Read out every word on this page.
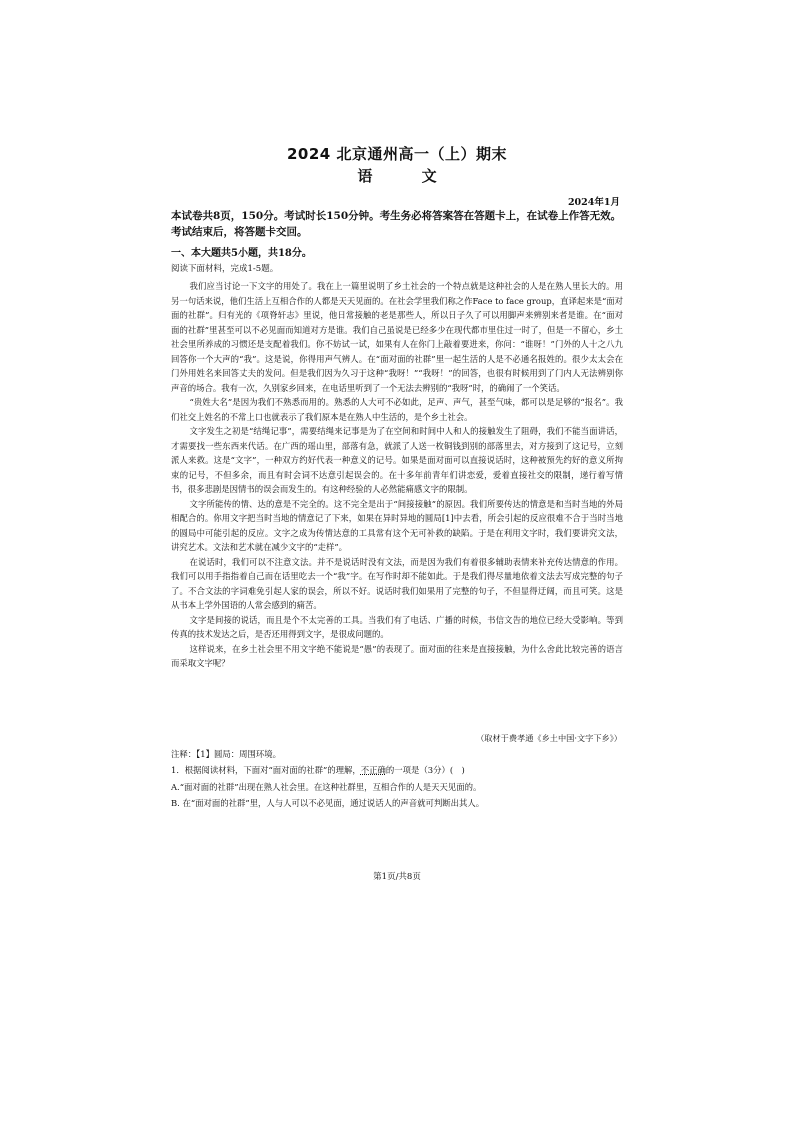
2024 北京通州高一（上）期末
语 文
2024年1月
本试卷共8页，150分。考试时长150分钟。考生务必将答案答在答题卡上，在试卷上作答无效。考试结束后，将答题卡交回。
一、本大题共5小题，共18分。
阅读下面材料，完成1-5题。

我们应当讨论一下文字的用处了。我在上一篇里说明了乡土社会的一个特点就是这种社会的人是在熟人里长大的。用另一句话来说，他们生活上互相合作的人都是天天见面的。在社会学里我们称之作Face to face group，直译起来是“面对面的社群”。归有光的《项脊轩志》里说，他日常接触的老是那些人，所以日子久了可以用脚声来辨别来者是谁。在“面对面的社群”里甚至可以不必见面而知道对方是谁。我们自己虽说是已经多少在现代都市里住过一时了，但是一不留心，乡土社会里所养成的习惯还是支配着我们。你不妨试一试，如果有人在你门上敲着要进来，你问：“谁呀！”门外的人十之八九回答你一个大声的“我”。这是说，你得用声气辨人。在“面对面的社群”里一起生活的人是不必通名报姓的。很少太太会在门外用姓名来回答丈夫的发问。但是我们因为久习于这种“我呀！”“我呀！”的回答，也很有时候用到了门内人无法辨别你声音的场合。我有一次，久别家乡回来，在电话里听到了一个无法去辨别的“我呀”时，的确闹了一个笑话。

“贵姓大名”是因为我们不熟悉而用的。熟悉的人大可不必如此，足声、声气，甚至气味，都可以是足够的“报名”。我们社交上姓名的不常上口也就表示了我们原本是在熟人中生活的，是个乡土社会。

文字发生之初是“结绳记事”，需要结绳来记事是为了在空间和时间中人和人的接触发生了阻碍，我们不能当面讲话，才需要找一些东西来代话。在广西的瑶山里，部落有急，就派了人送一枚铜钱到别的部落里去，对方接到了这记号，立刻派人来救。这是“文字”，一种双方约好代表一种意义的记号。如果是面对面可以直接说话时，这种被预先约好的意义所拘束的记号，不但多余，而且有时会词不达意引起误会的。在十多年前青年们讲恋爱，爱着直接社交的限制，递行着写情书，很多悲剧是因情书的误会而发生的。有这种经验的人必然能痛感文字的限制。

文字所能传的情、达的意是不完全的。这不完全是出于“间接接触”的原因。我们所要传达的情意是和当时当地的外局相配合的。你用文字把当时当地的情意记了下来，如果在异时异地的圆局[1]中去看，所会引起的反应很难不合于当时当地的圆局中可能引起的反应。文字之成为传情达意的工具常有这个无可补救的缺陷。于是在利用文字时，我们要讲究文法，讲究艺术。文法和艺术就在减少文字的“走样”。

在说话时，我们可以不注意文法。并不是说话时没有文法，而是因为我们有着很多辅助表情来补充传达情意的作用。我们可以用手指指着自己而在话里吃去一个“我”字。在写作时却不能如此。于是我们得尽量地依着文法去写成完整的句子了。不合文法的字词难免引起人家的误会，所以不好。说话时我们如果用了完整的句子，不但显得迂阔，而且可笑。这是从书本上学外国语的人常会感到的痛苦。

文字是间接的说话，而且是个不太完善的工具。当我们有了电话、广播的时候，书信文告的地位已经大受影响。等到传真的技术发达之后，是否还用得到文字，是很成问题的。

这样说来，在乡土社会里不用文字绝不能说是“愚”的表现了。面对面的往来是直接接触，为什么舍此比较完善的语言而采取文字呢？

（取材于费孝通《乡土中国·文字下乡》）
注释：【1】圆局：周围环境。
1．根据阅读材料，下面对“面对面的社群”的理解，不正确的一项是（3分）(　)
A.“面对面的社群”出现在熟人社会里。在这种社群里，互相合作的人是天天见面的。
B. 在“面对面的社群”里，人与人可以不必见面，通过说话人的声音就可判断出其人。
第1页/共8页
